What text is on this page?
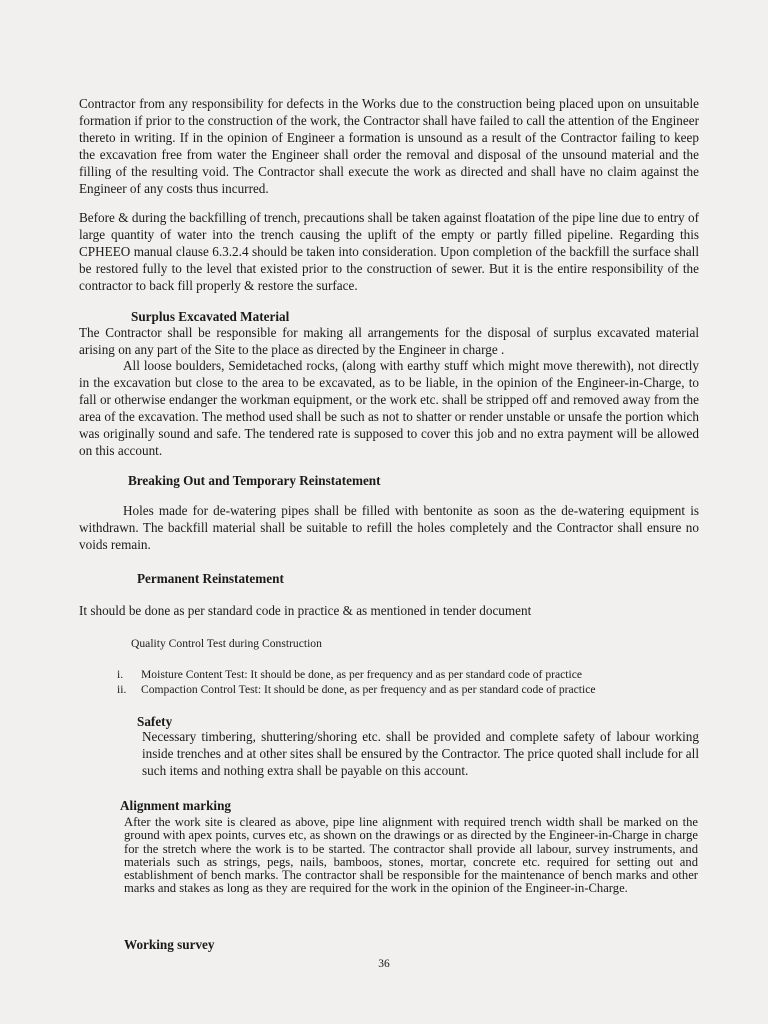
Contractor from any responsibility for defects in the Works due to the construction being placed upon on unsuitable formation if prior to the construction of the work, the Contractor shall have failed to call the attention of the Engineer thereto in writing. If in the opinion of Engineer a formation is unsound as a result of the Contractor failing to keep the excavation free from water the Engineer shall order the removal and disposal of the unsound material and the filling of the resulting void. The Contractor shall execute the work as directed and shall have no claim against the Engineer of any costs thus incurred.

Before & during the backfilling of trench, precautions shall be taken against floatation of the pipe line due to entry of large quantity of water into the trench causing the uplift of the empty or partly filled pipeline. Regarding this CPHEEO manual clause 6.3.2.4 should be taken into consideration. Upon completion of the backfill the surface shall be restored fully to the level that existed prior to the construction of sewer. But it is the entire responsibility of the contractor to back fill properly & restore the surface.

Surplus Excavated Material

The Contractor shall be responsible for making all arrangements for the disposal of surplus excavated material arising on any part of the Site to the place as directed by the Engineer in charge .

All loose boulders, Semidetached rocks, (along with earthy stuff which might move therewith), not directly in the excavation but close to the area to be excavated, as to be liable, in the opinion of the Engineer-in-Charge, to fall or otherwise endanger the workman equipment, or the work etc. shall be stripped off and removed away from the area of the excavation. The method used shall be such as not to shatter or render unstable or unsafe the portion which was originally sound and safe. The tendered rate is supposed to cover this job and no extra payment will be allowed on this account.

Breaking Out and Temporary Reinstatement

Holes made for de-watering pipes shall be filled with bentonite as soon as the de-watering equipment is withdrawn. The backfill material shall be suitable to refill the holes completely and the Contractor shall ensure no voids remain.

Permanent Reinstatement

It should be done as per standard code in practice & as mentioned in tender document

Quality Control Test during Construction
i. Moisture Content Test: It should be done, as per frequency and as per standard code of practice
ii. Compaction Control Test: It should be done, as per frequency and as per standard code of practice
Safety

Necessary timbering, shuttering/shoring etc. shall be provided and complete safety of labour working inside trenches and at other sites shall be ensured by the Contractor. The price quoted shall include for all such items and nothing extra shall be payable on this account.

Alignment marking

After the work site is cleared as above, pipe line alignment with required trench width shall be marked on the ground with apex points, curves etc, as shown on the drawings or as directed by the Engineer-in-Charge in charge for the stretch where the work is to be started. The contractor shall provide all labour, survey instruments, and materials such as strings, pegs, nails, bamboos, stones, mortar, concrete etc. required for setting out and establishment of bench marks. The contractor shall be responsible for the maintenance of bench marks and other marks and stakes as long as they are required for the work in the opinion of the Engineer-in-Charge.

Working survey
36
